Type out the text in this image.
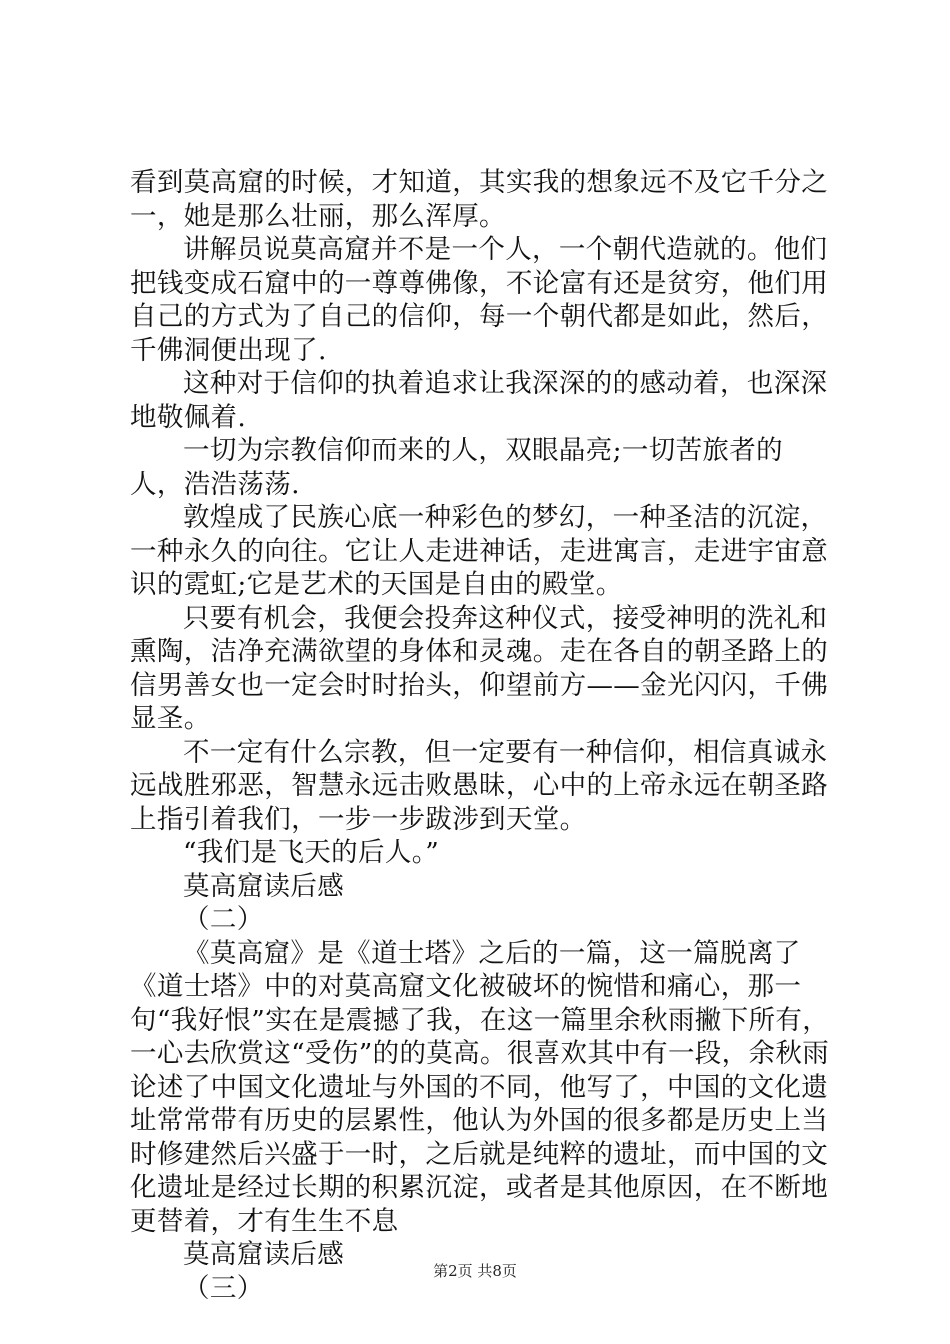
看到莫高窟的时候，才知道，其实我的想象远不及它千分之一，她是那么壮丽，那么浑厚。

讲解员说莫高窟并不是一个人，一个朝代造就的。他们把钱变成石窟中的一尊尊佛像，不论富有还是贫穷，他们用自己的方式为了自己的信仰，每一个朝代都是如此，然后，千佛洞便出现了.

这种对于信仰的执着追求让我深深的的感动着，也深深地敬佩着.

一切为宗教信仰而来的人，双眼晶亮;一切苦旅者的人，浩浩荡荡.

敦煌成了民族心底一种彩色的梦幻，一种圣洁的沉淀，一种永久的向往。它让人走进神话，走进寓言，走进宇宙意识的霓虹;它是艺术的天国是自由的殿堂。

只要有机会，我便会投奔这种仪式，接受神明的洗礼和熏陶，洁净充满欲望的身体和灵魂。走在各自的朝圣路上的信男善女也一定会时时抬头，仰望前方——金光闪闪，千佛显圣。

不一定有什么宗教，但一定要有一种信仰，相信真诚永远战胜邪恶，智慧永远击败愚昧，心中的上帝永远在朝圣路上指引着我们，一步一步跋涉到天堂。

“我们是飞天的后人。”

莫高窟读后感

（二）

《莫高窟》是《道士塔》之后的一篇，这一篇脱离了《道士塔》中的对莫高窟文化被破坏的惋惜和痛心，那一句“我好恨”实在是震撼了我，在这一篇里余秋雨撇下所有，一心去欣赏这“受伤”的的莫高。很喜欢其中有一段，余秋雨论述了中国文化遗址与外国的不同，他写了，中国的文化遗址常常带有历史的层累性，他认为外国的很多都是历史上当时修建然后兴盛于一时，之后就是纯粹的遗址，而中国的文化遗址是经过长期的积累沉淀，或者是其他原因，在不断地更替着，才有生生不息

莫高窟读后感

（三）

第2页 共8页
